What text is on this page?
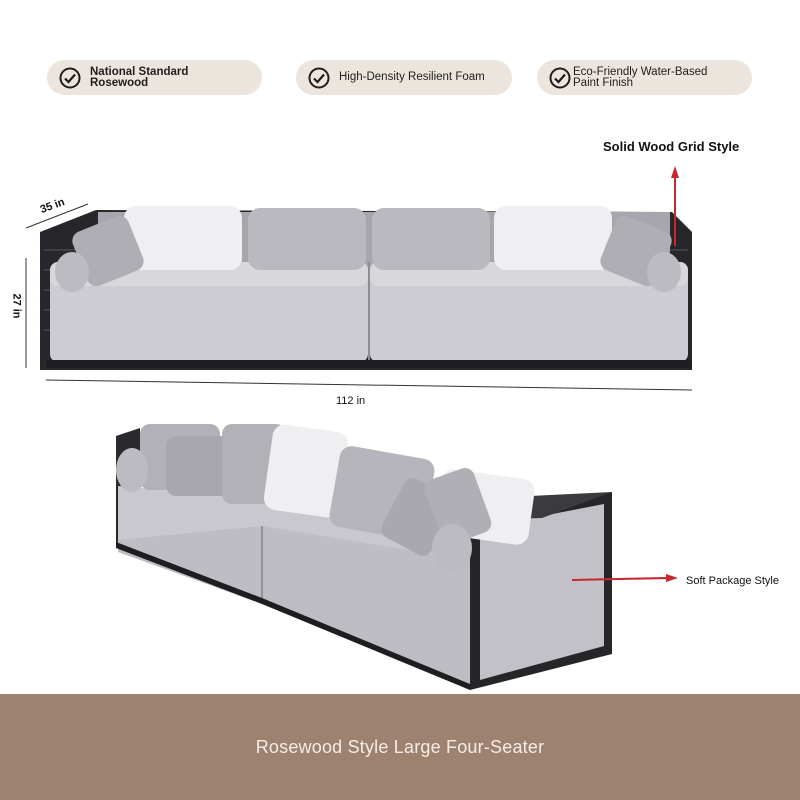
National Standard Rosewood	High-Density Resilient Foam	Eco-Friendly Water-Based Paint Finish
Solid Wood Grid Style
Soft Package Style
35 in
27 in
112 in
Rosewood Style Large Four-Seater
